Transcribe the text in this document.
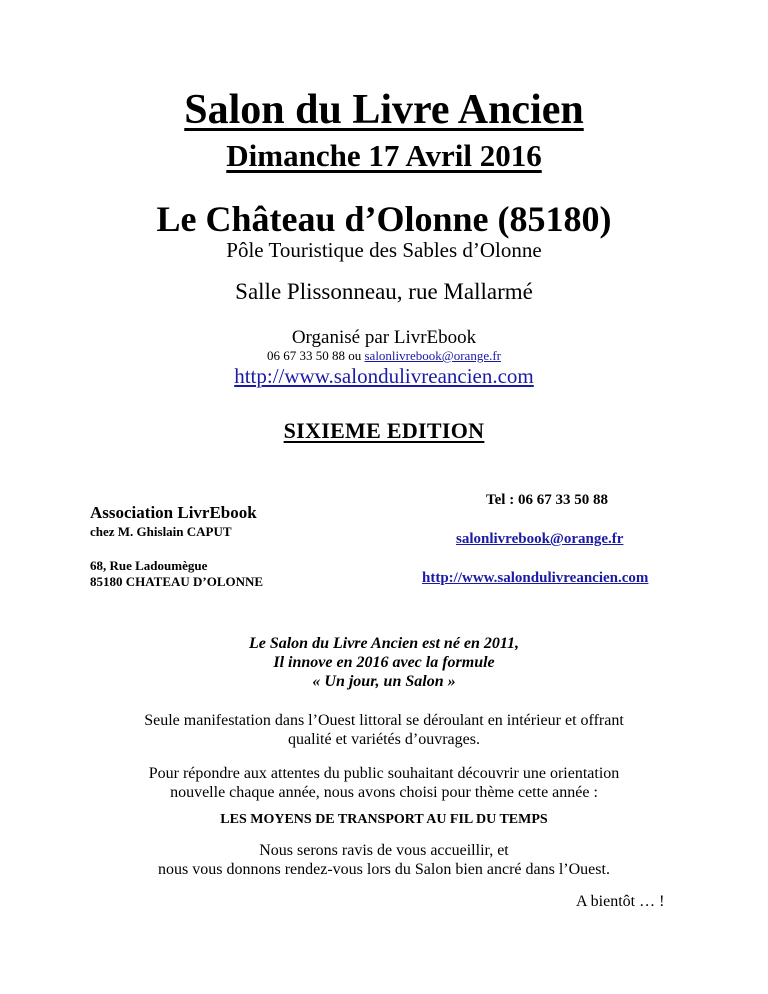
Salon du Livre Ancien
Dimanche 17 Avril 2016
Le Château d’Olonne (85180)
Pôle Touristique des Sables d’Olonne
Salle Plissonneau, rue Mallarmé
Organisé par LivrEbook
06 67 33 50 88 ou salonlivrebook@orange.fr
http://www.salondulivreancien.com
SIXIEME EDITION
Association LivrEbook
chez M. Ghislain CAPUT
68, Rue Ladoumègue
85180 CHATEAU D’OLONNE
Tel : 06 67 33 50 88
salonlivrebook@orange.fr
http://www.salondulivreancien.com
Le Salon du Livre Ancien est né en 2011,
Il innove en 2016 avec la formule
« Un jour, un Salon »
Seule manifestation dans l’Ouest littoral se déroulant en intérieur et offrant
qualité et variétés d’ouvrages.
Pour répondre aux attentes du public souhaitant découvrir une orientation
nouvelle chaque année, nous avons choisi pour thème cette année :
LES MOYENS DE TRANSPORT AU FIL DU TEMPS
Nous serons ravis de vous accueillir, et
nous vous donnons rendez-vous lors du Salon bien ancré dans l’Ouest.
A bientôt … !
